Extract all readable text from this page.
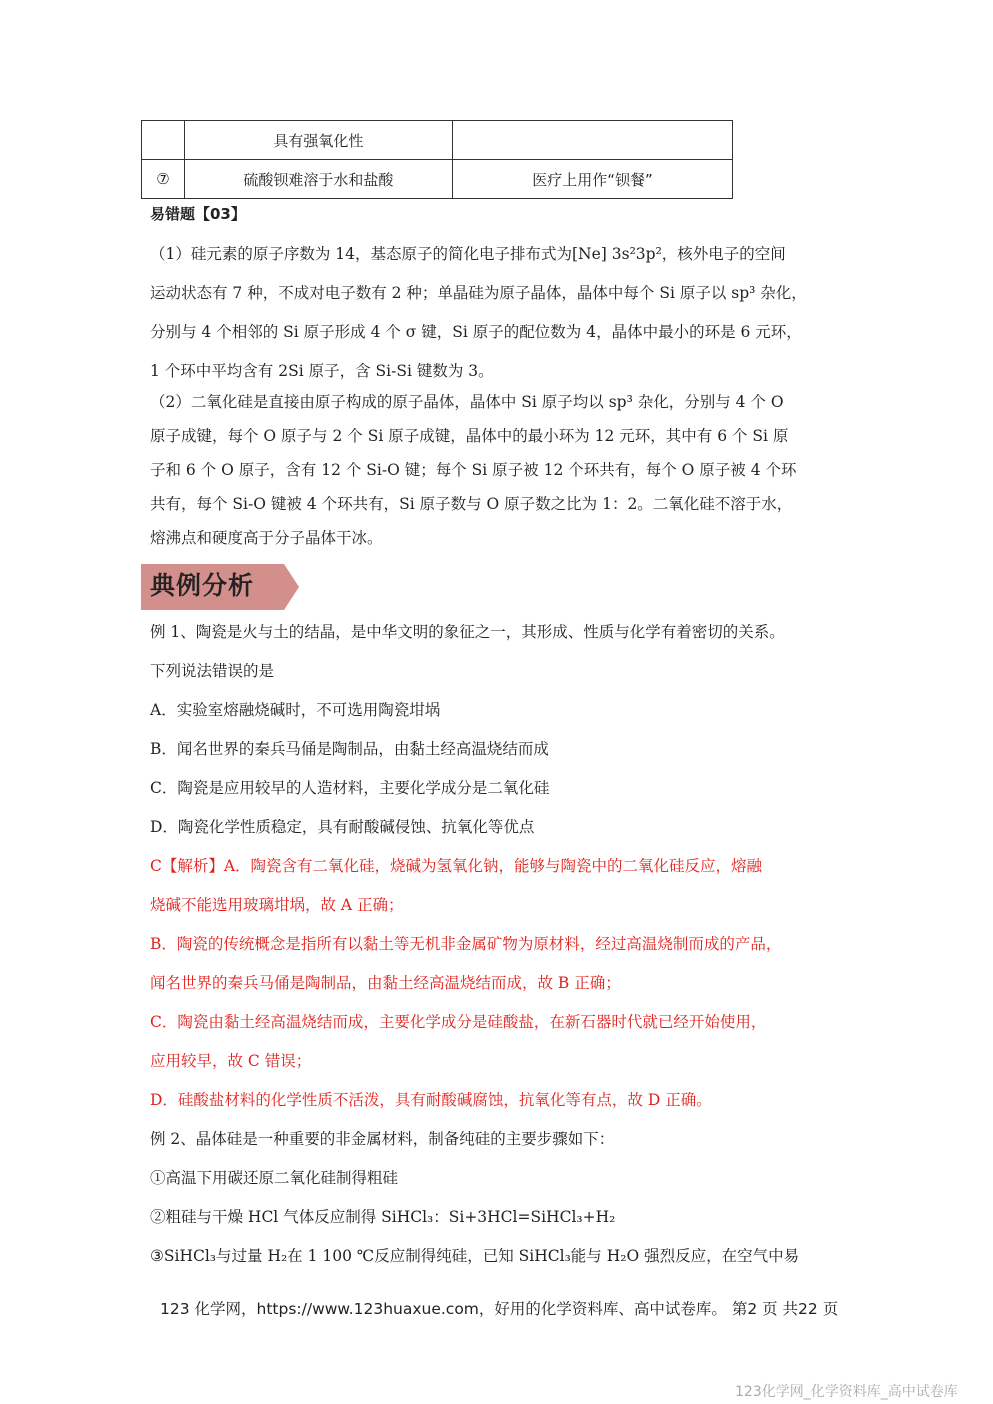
	具有强氧化性	
⑦	硫酸钡难溶于水和盐酸	医疗上用作“钡餐”
易错题【03】
（1）硅元素的原子序数为 14，基态原子的简化电子排布式为[Ne] 3s²3p²，核外电子的空间
运动状态有 7 种，不成对电子数有 2 种；单晶硅为原子晶体，晶体中每个 Si 原子以 sp³ 杂化，
分别与 4 个相邻的 Si 原子形成 4 个 σ 键，Si 原子的配位数为 4，晶体中最小的环是 6 元环，
1 个环中平均含有 2Si 原子，含 Si-Si 键数为 3。
（2）二氧化硅是直接由原子构成的原子晶体，晶体中 Si 原子均以 sp³ 杂化，分别与 4 个 O
原子成键，每个 O 原子与 2 个 Si 原子成键，晶体中的最小环为 12 元环，其中有 6 个 Si 原
子和 6 个 O 原子，含有 12 个 Si-O 键；每个 Si 原子被 12 个环共有，每个 O 原子被 4 个环
共有，每个 Si-O 键被 4 个环共有，Si 原子数与 O 原子数之比为 1：2。二氧化硅不溶于水，
熔沸点和硬度高于分子晶体干冰。
典例分析
例 1、陶瓷是火与土的结晶，是中华文明的象征之一，其形成、性质与化学有着密切的关系。
下列说法错误的是
A．实验室熔融烧碱时，不可选用陶瓷坩埚
B．闻名世界的秦兵马俑是陶制品，由黏土经高温烧结而成
C．陶瓷是应用较早的人造材料，主要化学成分是二氧化硅
D．陶瓷化学性质稳定，具有耐酸碱侵蚀、抗氧化等优点
C【解析】A．陶瓷含有二氧化硅，烧碱为氢氧化钠，能够与陶瓷中的二氧化硅反应，熔融
烧碱不能选用玻璃坩埚，故 A 正确；
B．陶瓷的传统概念是指所有以黏土等无机非金属矿物为原材料，经过高温烧制而成的产品，
闻名世界的秦兵马俑是陶制品，由黏土经高温烧结而成，故 B 正确；
C．陶瓷由黏土经高温烧结而成，主要化学成分是硅酸盐，在新石器时代就已经开始使用，
应用较早，故 C 错误；
D．硅酸盐材料的化学性质不活泼，具有耐酸碱腐蚀，抗氧化等有点，故 D 正确。
例 2、晶体硅是一种重要的非金属材料，制备纯硅的主要步骤如下：
①高温下用碳还原二氧化硅制得粗硅
②粗硅与干燥 HCl 气体反应制得 SiHCl₃：Si+3HCl=SiHCl₃+H₂
③SiHCl₃与过量 H₂在 1 100 ℃反应制得纯硅，已知 SiHCl₃能与 H₂O 强烈反应，在空气中易
123 化学网，https://www.123huaxue.com，好用的化学资料库、高中试卷库。 第2 页 共22 页
123化学网_化学资料库_高中试卷库
